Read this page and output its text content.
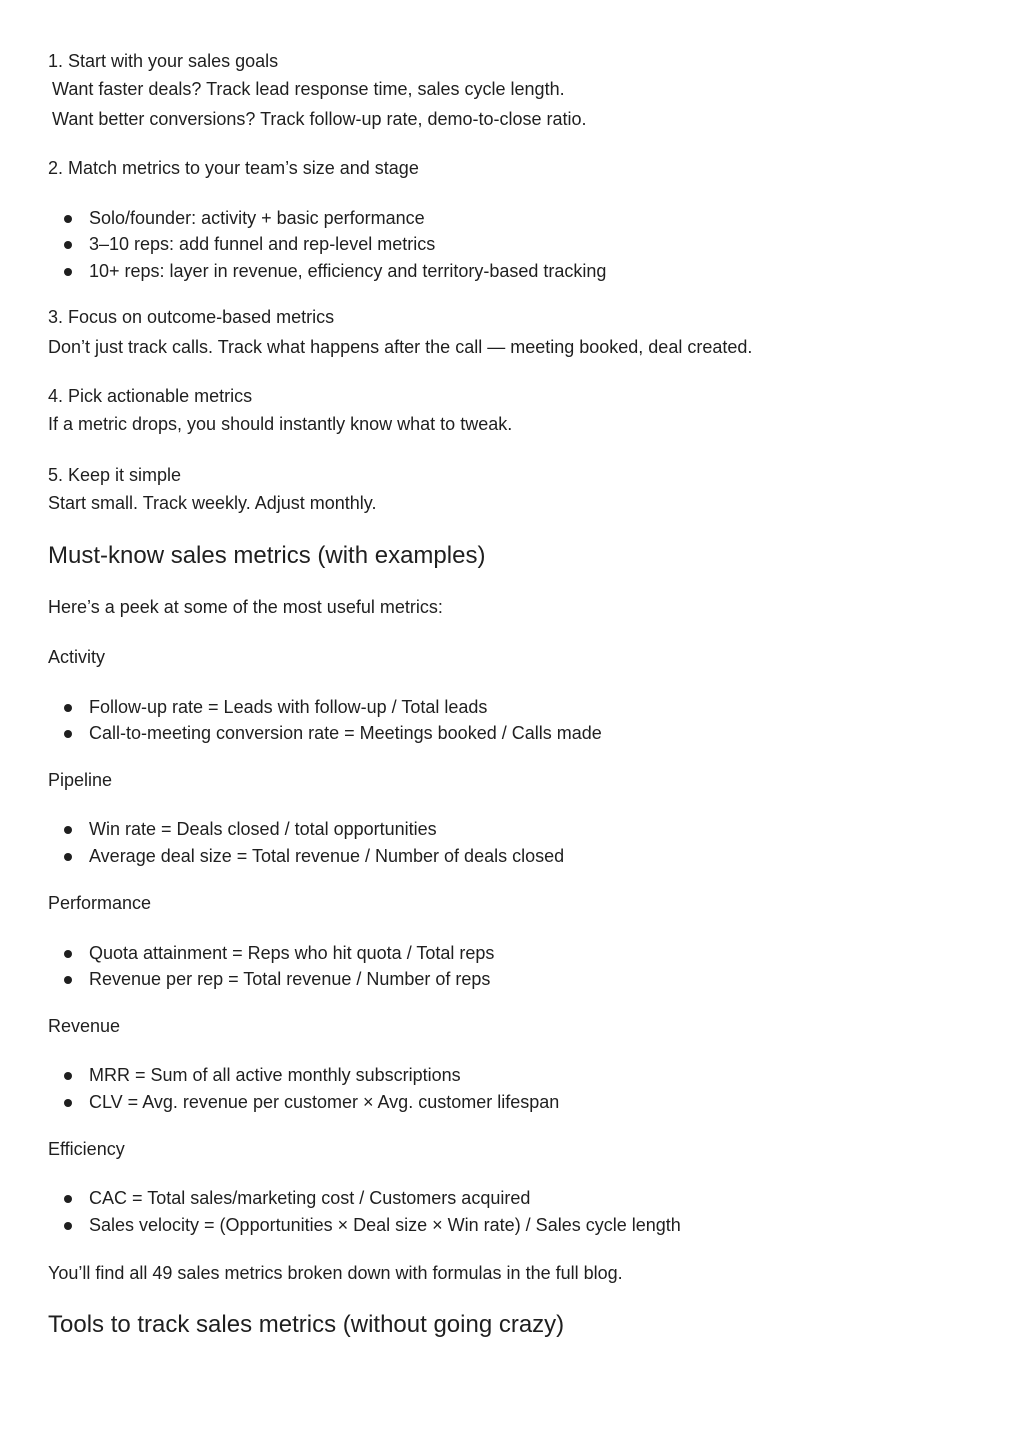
1. Start with your sales goals
Want faster deals? Track lead response time, sales cycle length.
Want better conversions? Track follow-up rate, demo-to-close ratio.
2. Match metrics to your team’s size and stage
Solo/founder: activity + basic performance
3–10 reps: add funnel and rep-level metrics
10+ reps: layer in revenue, efficiency and territory-based tracking
3. Focus on outcome-based metrics
Don’t just track calls. Track what happens after the call — meeting booked, deal created.
4. Pick actionable metrics
If a metric drops, you should instantly know what to tweak.
5. Keep it simple
Start small. Track weekly. Adjust monthly.
Must-know sales metrics (with examples)
Here’s a peek at some of the most useful metrics:
Activity
Follow-up rate = Leads with follow-up / Total leads
Call-to-meeting conversion rate = Meetings booked / Calls made
Pipeline
Win rate = Deals closed / total opportunities
Average deal size = Total revenue / Number of deals closed
Performance
Quota attainment = Reps who hit quota / Total reps
Revenue per rep = Total revenue / Number of reps
Revenue
MRR = Sum of all active monthly subscriptions
CLV = Avg. revenue per customer × Avg. customer lifespan
Efficiency
CAC = Total sales/marketing cost / Customers acquired
Sales velocity = (Opportunities × Deal size × Win rate) / Sales cycle length
You’ll find all 49 sales metrics broken down with formulas in the full blog.
Tools to track sales metrics (without going crazy)
